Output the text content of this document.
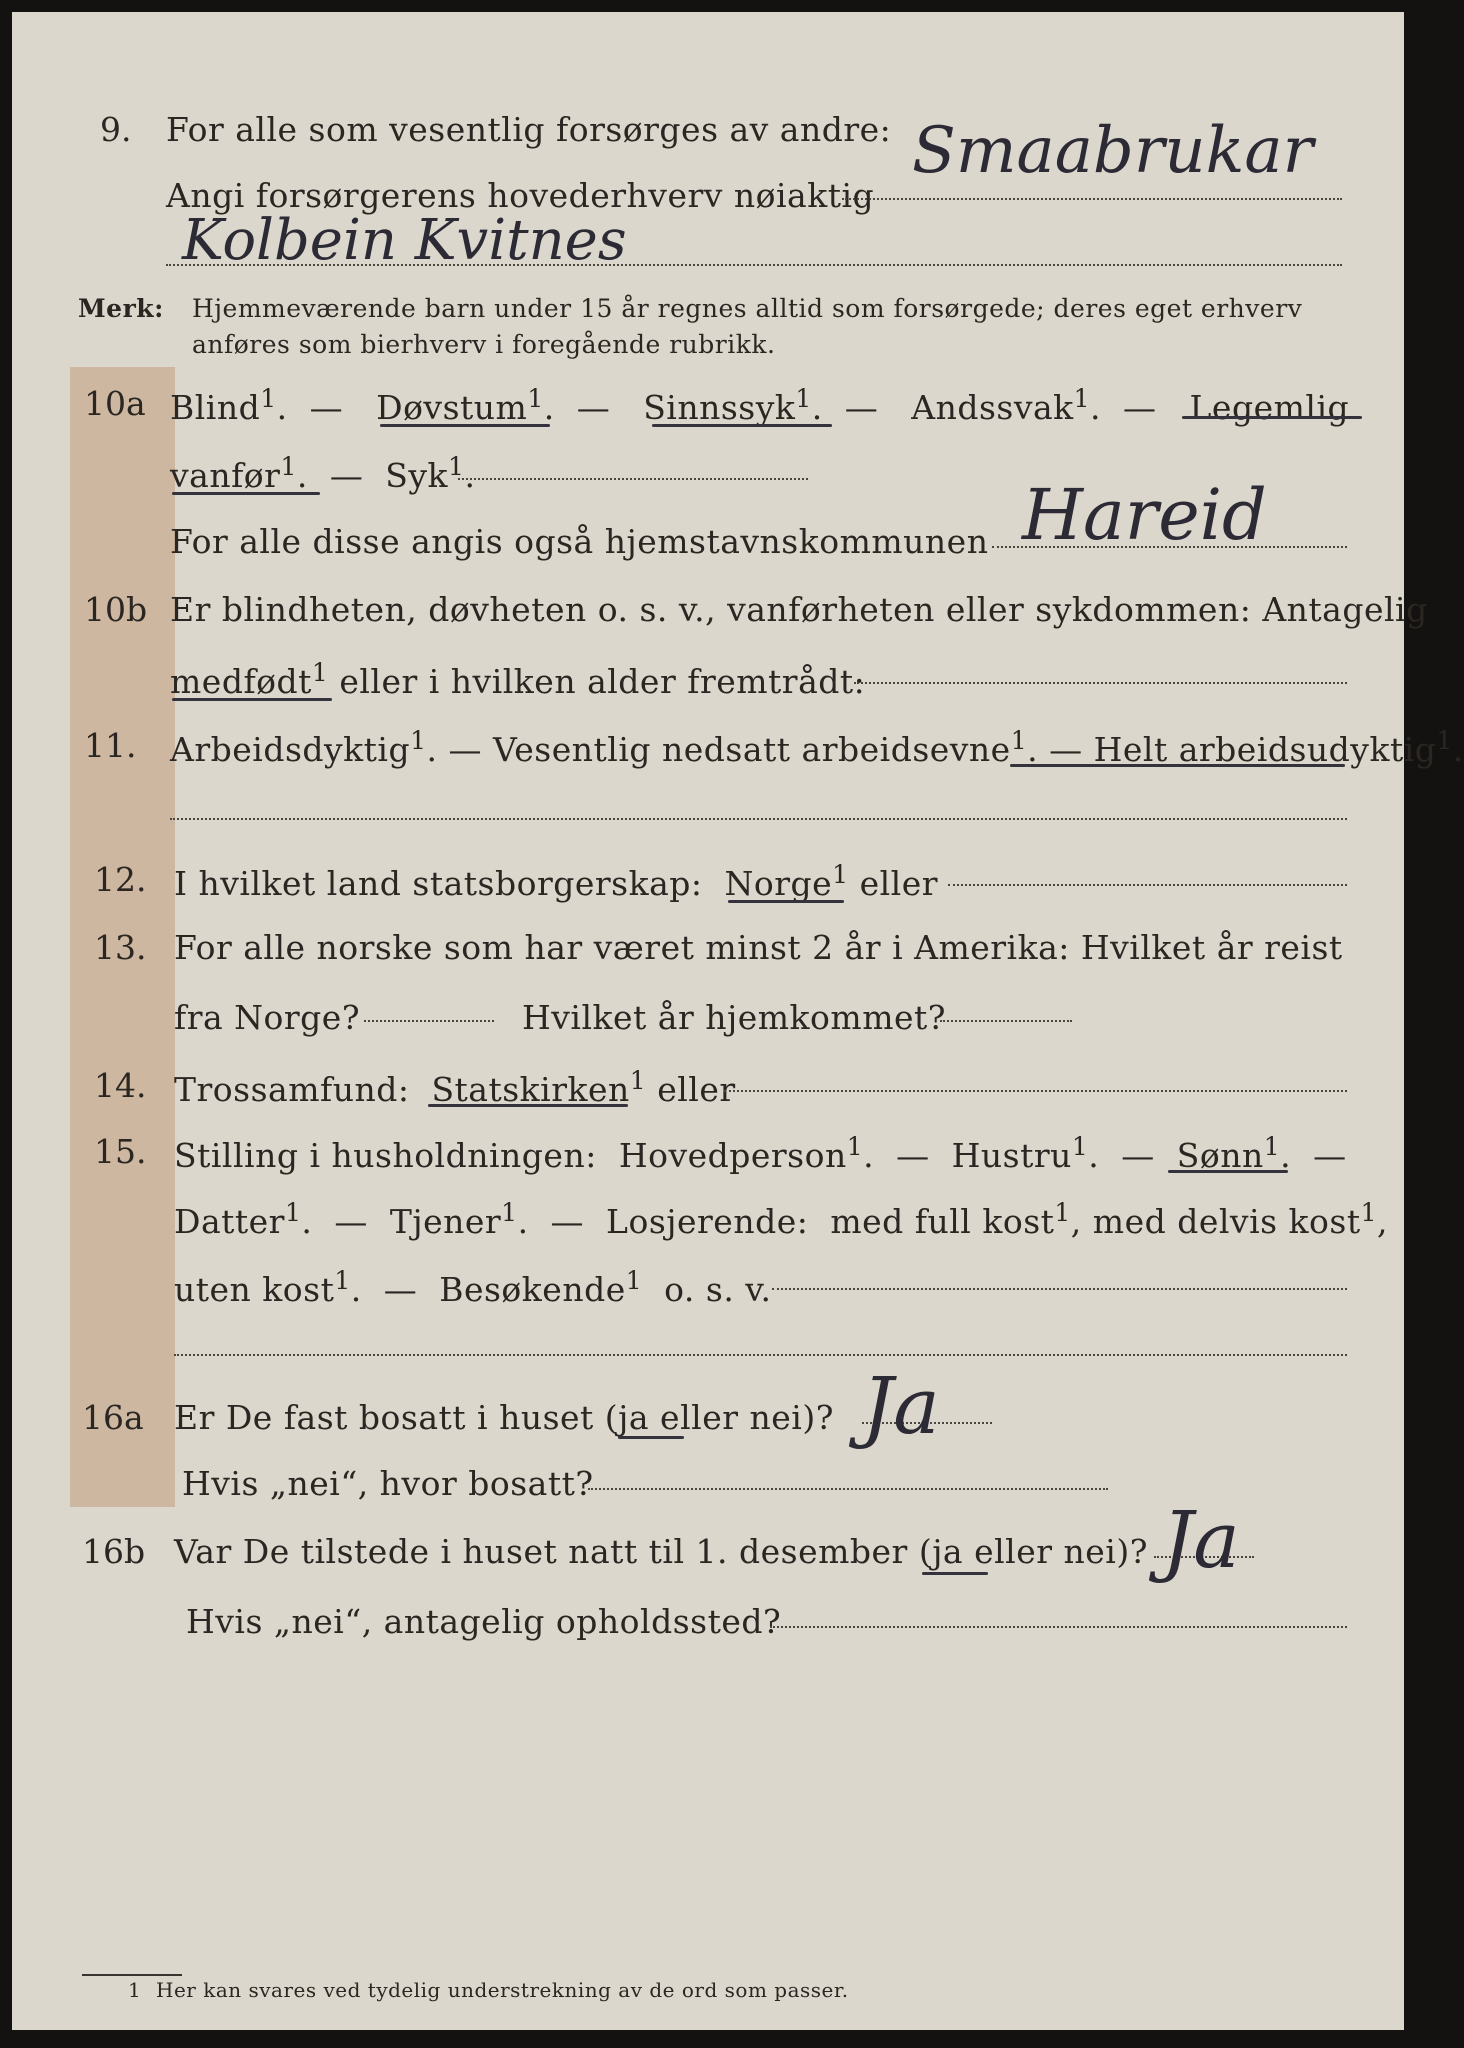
9. For alle som vesentlig forsørges av andre:
Angi forsørgerens hovederhverv nøiaktig
Smaabrukar
Kolbein Kvitnes
Merk: Hjemmeværende barn under 15 år regnes alltid som forsørgede; deres eget erhverv
anføres som bierhverv i foregående rubrikk.
10a Blind$^1$.  —   Døvstum$^1$.  —   Sinnssyk$^1$.  —   Andssvak$^1$.  —   Legemlig
vanfør$^1$.  —  Syk$^1$.
For alle disse angis også hjemstavnskommunen Hareid
10b Er blindheten, døvheten o. s. v., vanførheten eller sykdommen: Antagelig
medfødt$^1$ eller i hvilken alder fremtrådt:
11. Arbeidsdyktig$^1$. — Vesentlig nedsatt arbeidsevne$^1$. — Helt arbeidsudyktig$^1$.
12. I hvilket land statsborgerskap: Norge$^1$ eller
13. For alle norske som har været minst 2 år i Amerika: Hvilket år reist
fra Norge?	Hvilket år hjemkommet?
14. Trossamfund: Statskirken$^1$ eller
15. Stilling i husholdningen: Hovedperson$^1$.  —  Hustru$^1$.  —  Sønn$^1$.  —
Datter$^1$.  —  Tjener$^1$.  —  Losjerende: med full kost$^1$, med delvis kost$^1$,
uten kost$^1$.  —  Besøkende$^1$ o. s. v.
16a Er De fast bosatt i huset (ja eller nei)? Ja
Hvis „nei“, hvor bosatt?
16b Var De tilstede i huset natt til 1. desember (ja eller nei)? Ja
Hvis „nei“, antagelig opholdssted?
1 Her kan svares ved tydelig understrekning av de ord som passer.
